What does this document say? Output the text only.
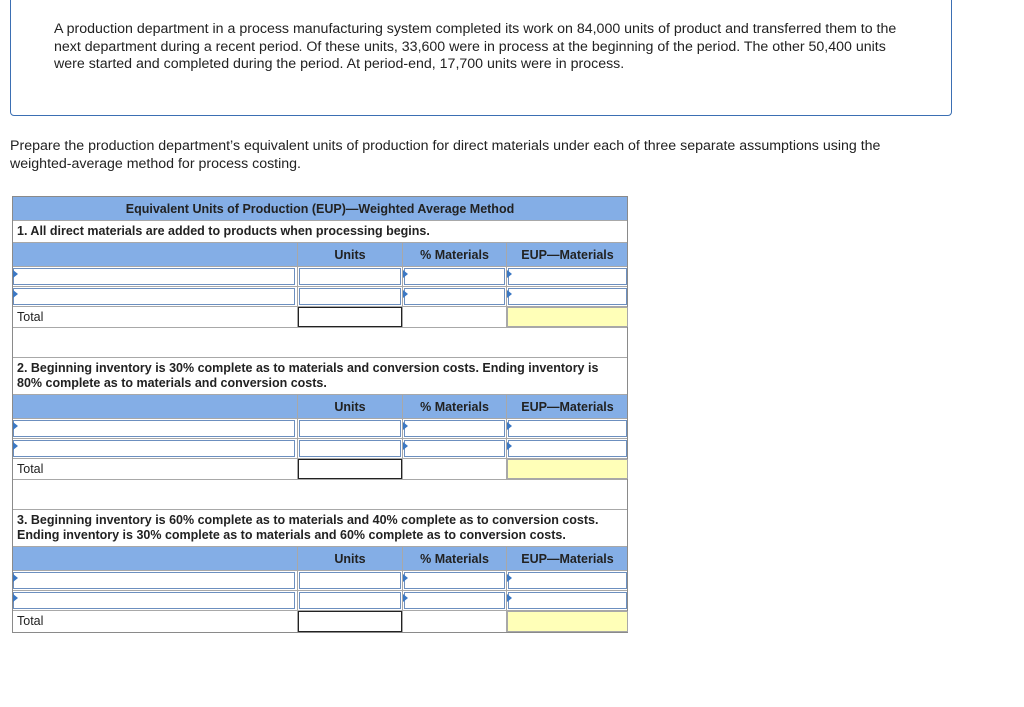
A production department in a process manufacturing system completed its work on 84,000 units of product and transferred them to the next department during a recent period. Of these units, 33,600 were in process at the beginning of the period. The other 50,400 units were started and completed during the period. At period-end, 17,700 units were in process.
Prepare the production department’s equivalent units of production for direct materials under each of three separate assumptions using the weighted-average method for process costing.
Equivalent Units of Production (EUP)—Weighted Average Method
1. All direct materials are added to products when processing begins.
Units	% Materials	EUP—Materials
Total
2. Beginning inventory is 30% complete as to materials and conversion costs. Ending inventory is 80% complete as to materials and conversion costs.
Units	% Materials	EUP—Materials
Total
3. Beginning inventory is 60% complete as to materials and 40% complete as to conversion costs. Ending inventory is 30% complete as to materials and 60% complete as to conversion costs.
Units	% Materials	EUP—Materials
Total
